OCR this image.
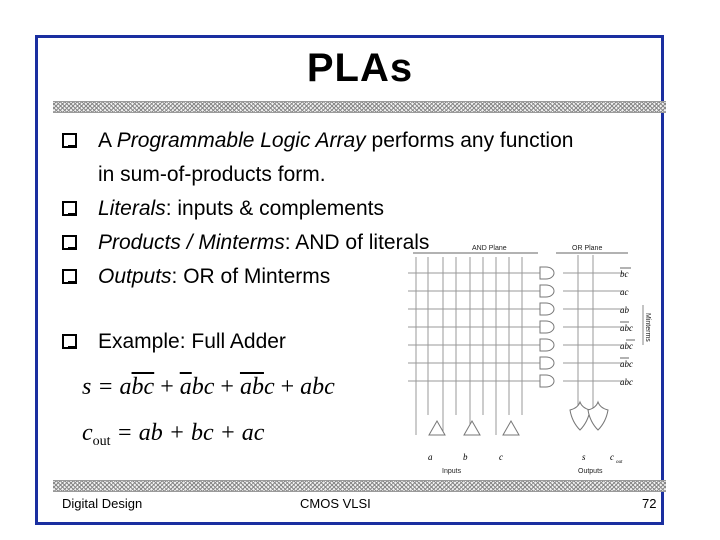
PLAs
A Programmable Logic Array performs any function
in sum-of-products form.
Literals: inputs & complements
Products / Minterms: AND of literals
Outputs: OR of Minterms
Example: Full Adder
$s = a\overline{bc} + \overline{a}bc + \overline{ab}c$ + abc
$c_{out}$ = ab + bc + ac
AND Plane	OR Plane
bc
ac
ab
abc
abc
abc
abc
Minterms
a	b	c	s	c
out
Inputs	Outputs
Digital Design	CMOS VLSI	72
